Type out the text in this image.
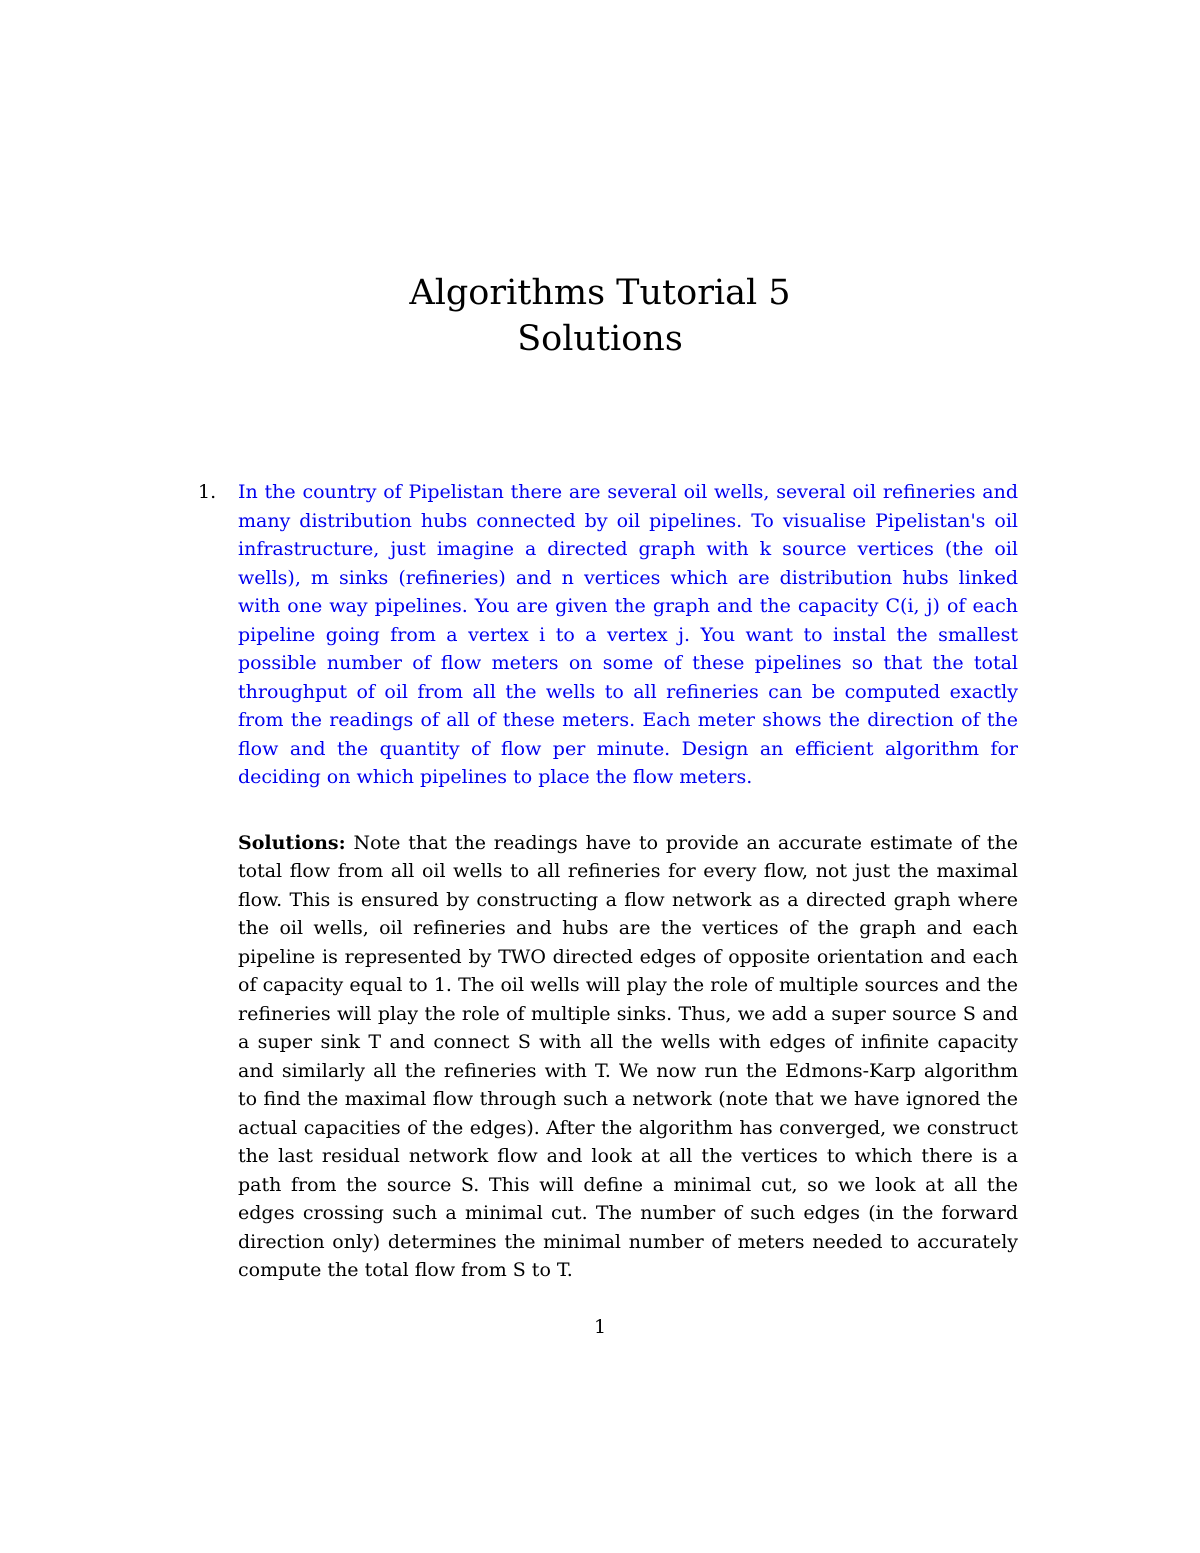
Algorithms Tutorial 5
Solutions
1. In the country of Pipelistan there are several oil wells, several oil refineries and many distribution hubs connected by oil pipelines. To visualise Pipelistan's oil infrastructure, just imagine a directed graph with k source vertices (the oil wells), m sinks (refineries) and n vertices which are distribution hubs linked with one way pipelines. You are given the graph and the capacity C(i, j) of each pipeline going from a vertex i to a vertex j. You want to instal the smallest possible number of flow meters on some of these pipelines so that the total throughput of oil from all the wells to all refineries can be computed exactly from the readings of all of these meters. Each meter shows the direction of the flow and the quantity of flow per minute. Design an efficient algorithm for deciding on which pipelines to place the flow meters.
Solutions: Note that the readings have to provide an accurate estimate of the total flow from all oil wells to all refineries for every flow, not just the maximal flow. This is ensured by constructing a flow network as a directed graph where the oil wells, oil refineries and hubs are the vertices of the graph and each pipeline is represented by TWO directed edges of opposite orientation and each of capacity equal to 1. The oil wells will play the role of multiple sources and the refineries will play the role of multiple sinks. Thus, we add a super source S and a super sink T and connect S with all the wells with edges of infinite capacity and similarly all the refineries with T. We now run the Edmons-Karp algorithm to find the maximal flow through such a network (note that we have ignored the actual capacities of the edges). After the algorithm has converged, we construct the last residual network flow and look at all the vertices to which there is a path from the source S. This will define a minimal cut, so we look at all the edges crossing such a minimal cut. The number of such edges (in the forward direction only) determines the minimal number of meters needed to accurately compute the total flow from S to T.
1
